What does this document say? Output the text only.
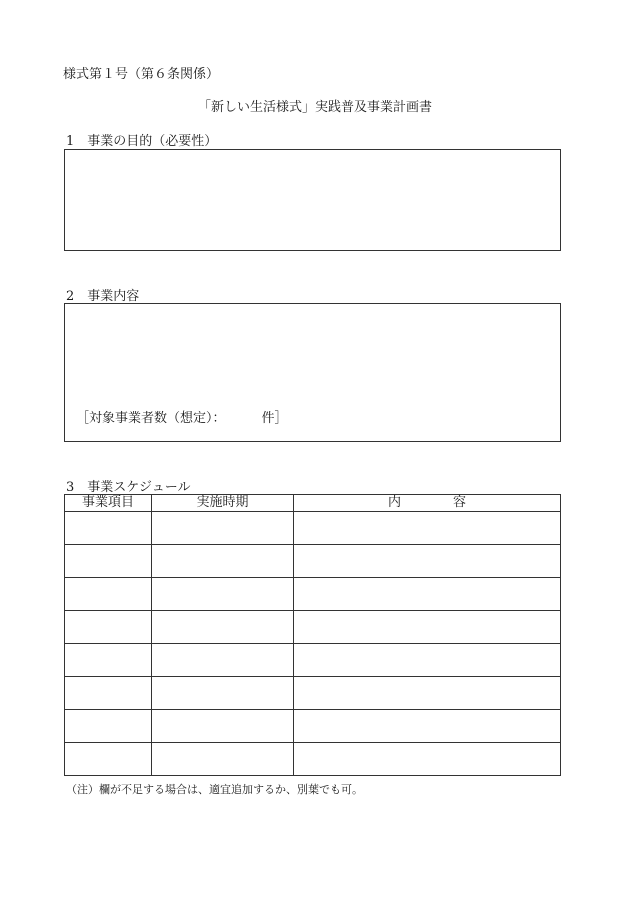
様式第１号（第６条関係）
「新しい生活様式」実践普及事業計画書
1　事業の目的（必要性）
2　事業内容
［対象事業者数（想定）：	件］
3　事業スケジュール
事業項目	実施時期	内　　　　容

（注）欄が不足する場合は、適宜追加するか、別葉でも可。
